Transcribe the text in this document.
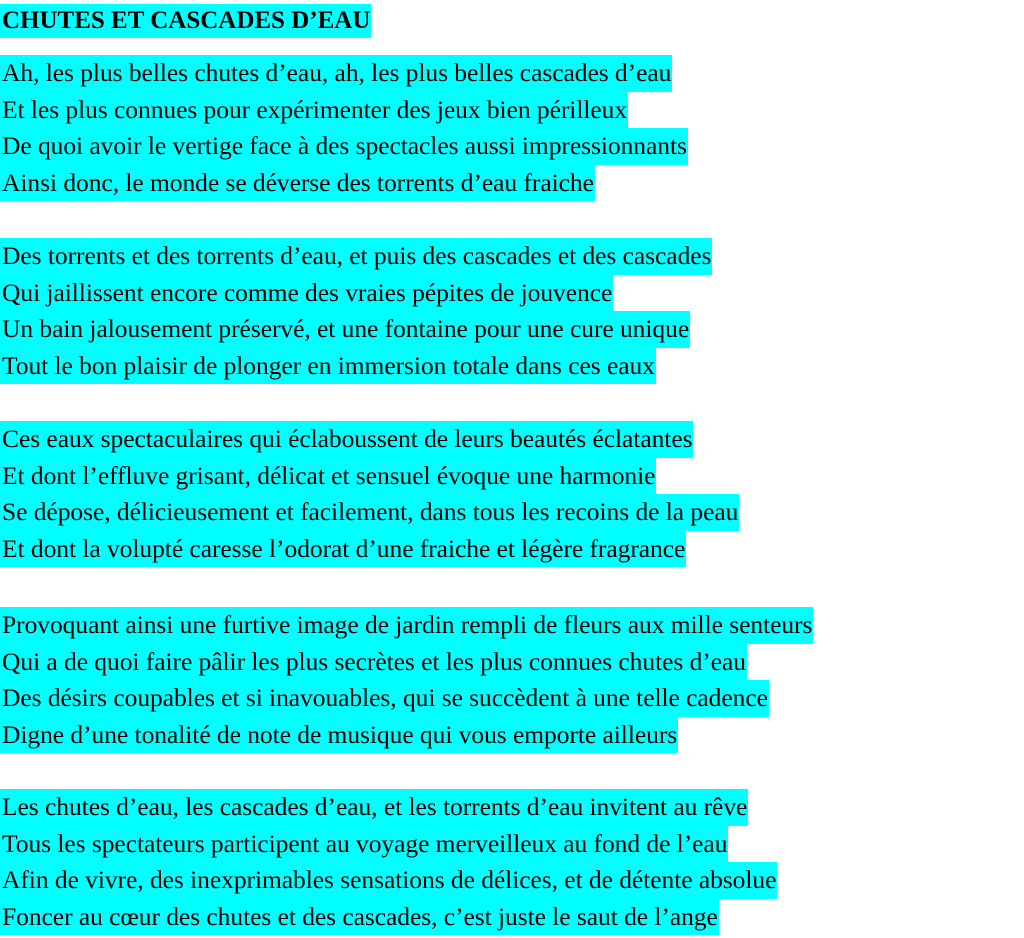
CHUTES ET CASCADES D’EAU
Ah, les plus belles chutes d’eau, ah, les plus belles cascades d’eau
Et les plus connues pour expérimenter des jeux bien périlleux
De quoi avoir le vertige face à des spectacles aussi impressionnants
Ainsi donc, le monde se déverse des torrents d’eau fraiche
Des torrents et des torrents d’eau, et puis des cascades et des cascades
Qui jaillissent encore comme des vraies pépites de jouvence
Un bain jalousement préservé, et une fontaine pour une cure unique
Tout le bon plaisir de plonger en immersion totale dans ces eaux
Ces eaux spectaculaires qui éclaboussent de leurs beautés éclatantes
Et dont l’effluve grisant, délicat et sensuel évoque une harmonie
Se dépose, délicieusement et facilement, dans tous les recoins de la peau
Et dont la volupté caresse l’odorat d’une fraiche et légère fragrance
Provoquant ainsi une furtive image de jardin rempli de fleurs aux mille senteurs
Qui a de quoi faire pâlir les plus secrètes et les plus connues chutes d’eau
Des désirs coupables et si inavouables, qui se succèdent à une telle cadence
Digne d’une tonalité de note de musique qui vous emporte ailleurs
Les chutes d’eau, les cascades d’eau, et les torrents d’eau invitent au rêve
Tous les spectateurs participent au voyage merveilleux au fond de l’eau
Afin de vivre, des inexprimables sensations de délices, et de détente absolue
Foncer au cœur des chutes et des cascades, c’est juste le saut de l’ange
